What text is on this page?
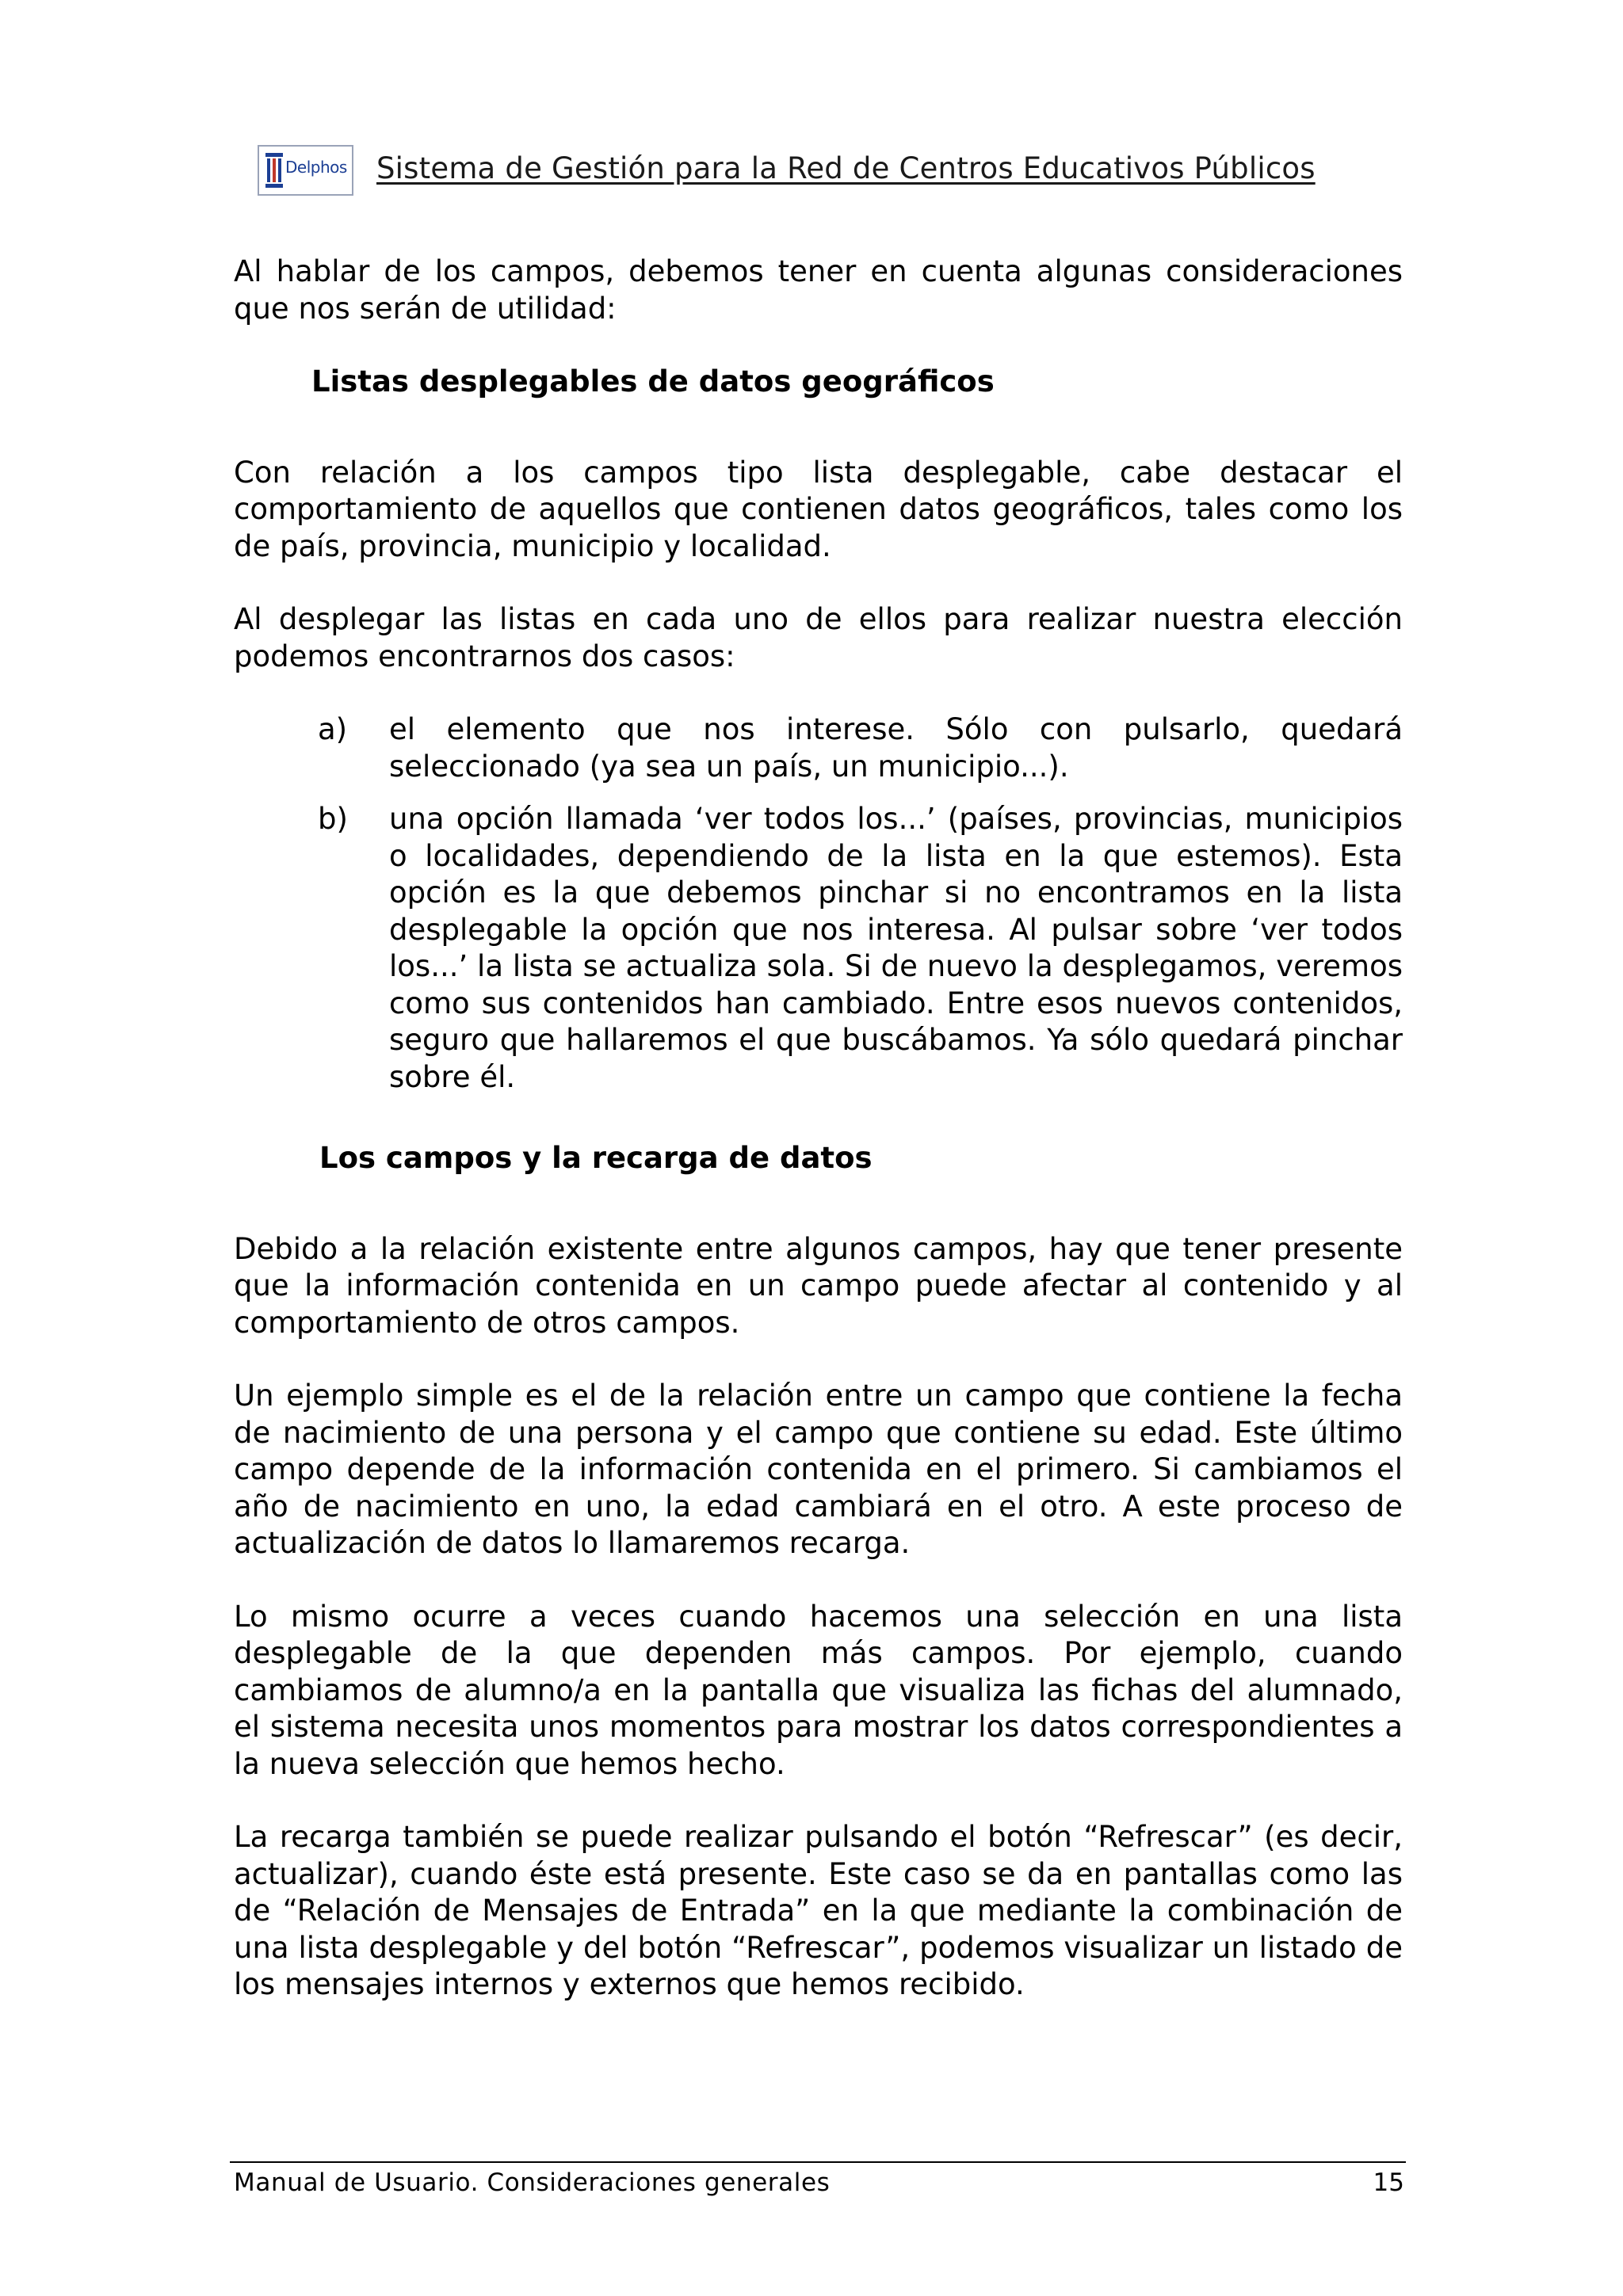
Delphos Sistema de Gestión para la Red de Centros Educativos Públicos

Al hablar de los campos, debemos tener en cuenta algunas consideraciones que nos serán de utilidad:

Listas desplegables de datos geográficos

Con relación a los campos tipo lista desplegable, cabe destacar el comportamiento de aquellos que contienen datos geográficos, tales como los de país, provincia, municipio y localidad.

Al desplegar las listas en cada uno de ellos para realizar nuestra elección podemos encontrarnos dos casos:

a) el elemento que nos interese. Sólo con pulsarlo, quedará seleccionado (ya sea un país, un municipio...).

b) una opción llamada ‘ver todos los...’ (países, provincias, municipios o localidades, dependiendo de la lista en la que estemos). Esta opción es la que debemos pinchar si no encontramos en la lista desplegable la opción que nos interesa. Al pulsar sobre ‘ver todos los...’ la lista se actualiza sola. Si de nuevo la desplegamos, veremos como sus contenidos han cambiado. Entre esos nuevos contenidos, seguro que hallaremos el que buscábamos. Ya sólo quedará pinchar sobre él.

Los campos y la recarga de datos

Debido a la relación existente entre algunos campos, hay que tener presente que la información contenida en un campo puede afectar al contenido y al comportamiento de otros campos.

Un ejemplo simple es el de la relación entre un campo que contiene la fecha de nacimiento de una persona y el campo que contiene su edad. Este último campo depende de la información contenida en el primero. Si cambiamos el año de nacimiento en uno, la edad cambiará en el otro. A este proceso de actualización de datos lo llamaremos recarga.

Lo mismo ocurre a veces cuando hacemos una selección en una lista desplegable de la que dependen más campos. Por ejemplo, cuando cambiamos de alumno/a en la pantalla que visualiza las fichas del alumnado, el sistema necesita unos momentos para mostrar los datos correspondientes a la nueva selección que hemos hecho.

La recarga también se puede realizar pulsando el botón “Refrescar” (es decir, actualizar), cuando éste está presente. Este caso se da en pantallas como las de “Relación de Mensajes de Entrada” en la que mediante la combinación de una lista desplegable y del botón “Refrescar”, podemos visualizar un listado de los mensajes internos y externos que hemos recibido.

Manual de Usuario. Consideraciones generales	15
